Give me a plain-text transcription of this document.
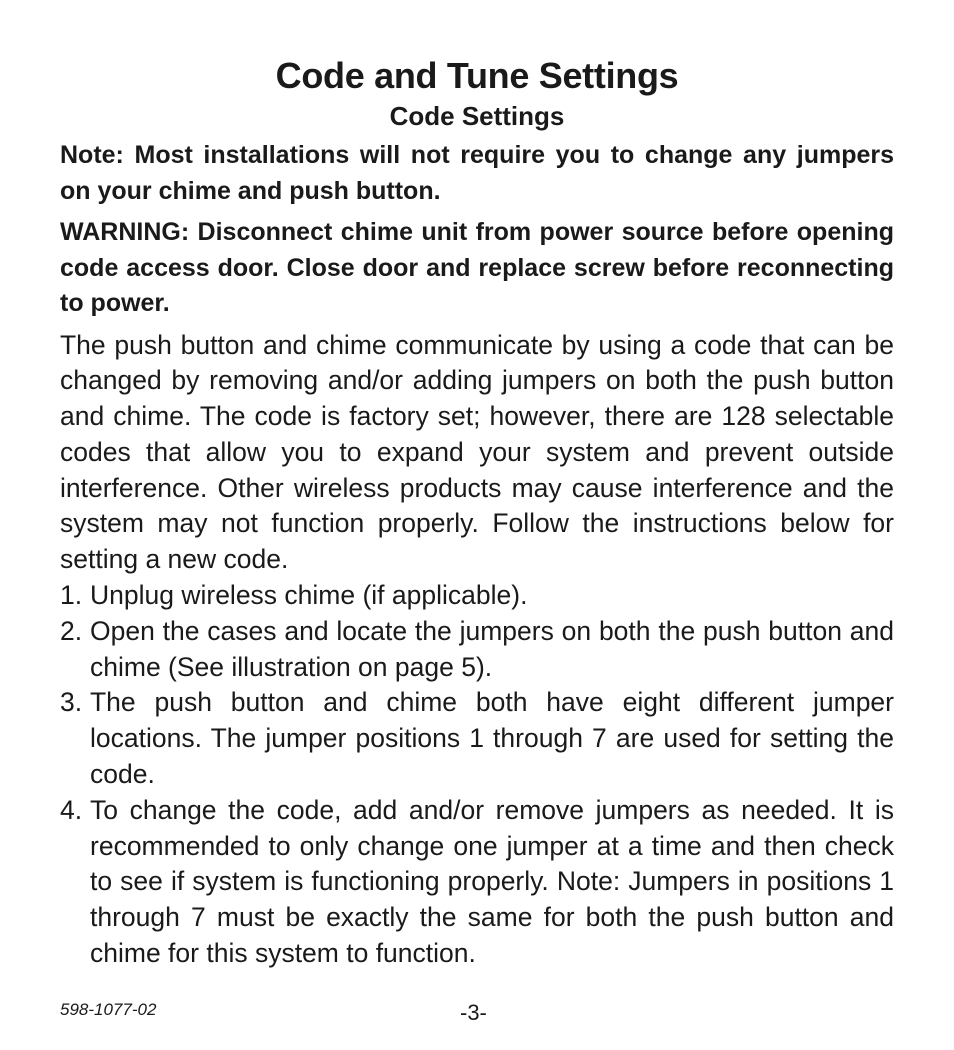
Code and Tune Settings
Code Settings

Note: Most installations will not require you to change any jumpers on your chime and push button.

WARNING: Disconnect chime unit from power source before opening code access door. Close door and replace screw before reconnecting to power.

The push button and chime communicate by using a code that can be changed by removing and/or adding jumpers on both the push button and chime. The code is factory set; however, there are 128 selectable codes that allow you to expand your system and prevent outside interference. Other wireless products may cause interference and the system may not function properly. Follow the instructions below for setting a new code.

1. Unplug wireless chime (if applicable).
2. Open the cases and locate the jumpers on both the push button and chime (See illustration on page 5).
3. The push button and chime both have eight different jumper locations. The jumper positions 1 through 7 are used for setting the code.
4. To change the code, add and/or remove jumpers as needed. It is recommended to only change one jumper at a time and then check to see if system is functioning properly. Note: Jumpers in positions 1 through 7 must be exactly the same for both the push button and chime for this system to function.
598-1077-02	-3-
